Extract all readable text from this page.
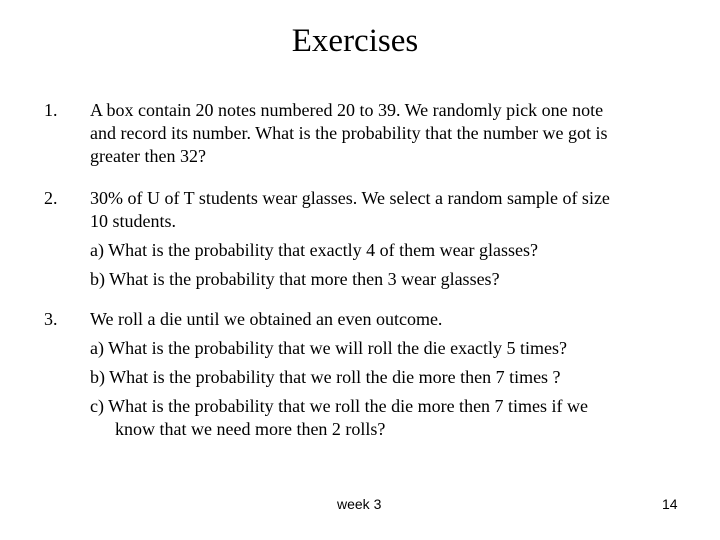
Exercises
1. A box contain 20 notes numbered 20 to 39. We randomly pick one note
and record its number. What is the probability that the number we got is
greater then 32?
2. 30% of U of T students wear glasses. We select a random sample of size
10 students.
a) What is the probability that exactly 4 of them wear glasses?
b) What is the probability that more then 3 wear glasses?
3. We roll a die until we obtained an even outcome.
a) What is the probability that we will roll the die exactly 5 times?
b) What is the probability that we roll the die more then 7 times ?
c) What is the probability that we roll the die more then 7 times if we
know that we need more then 2 rolls?
week 3	14
